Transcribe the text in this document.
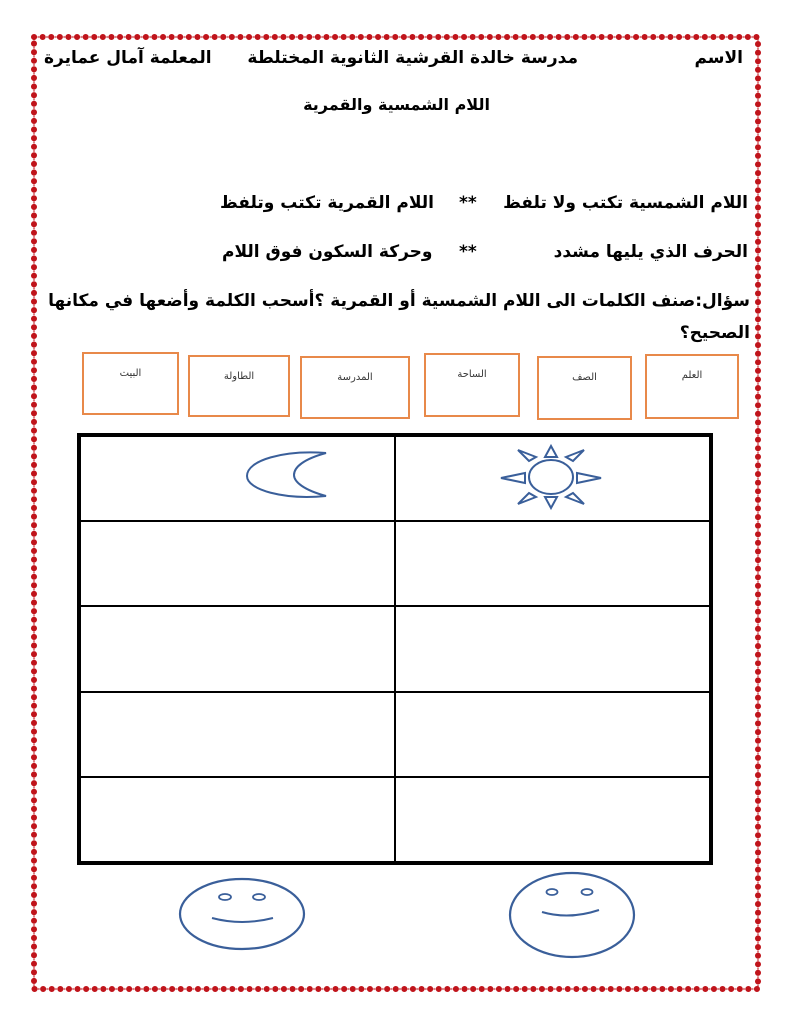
الاسم
مدرسة خالدة القرشية الثانوية المختلطة
المعلمة آمال عمايرة
اللام الشمسية والقمرية
اللام الشمسية تكتب ولا تلفظ
**
اللام القمرية تكتب وتلفظ
الحرف الذي يليها مشدد
**
وحركة السكون فوق اللام
سؤال:صنف الكلمات الى اللام الشمسية أو القمرية ؟أسحب الكلمة وأضعها في مكانها الصحيح؟
العلم
الصف
الساحة
المدرسة
الطاولة
البيت
